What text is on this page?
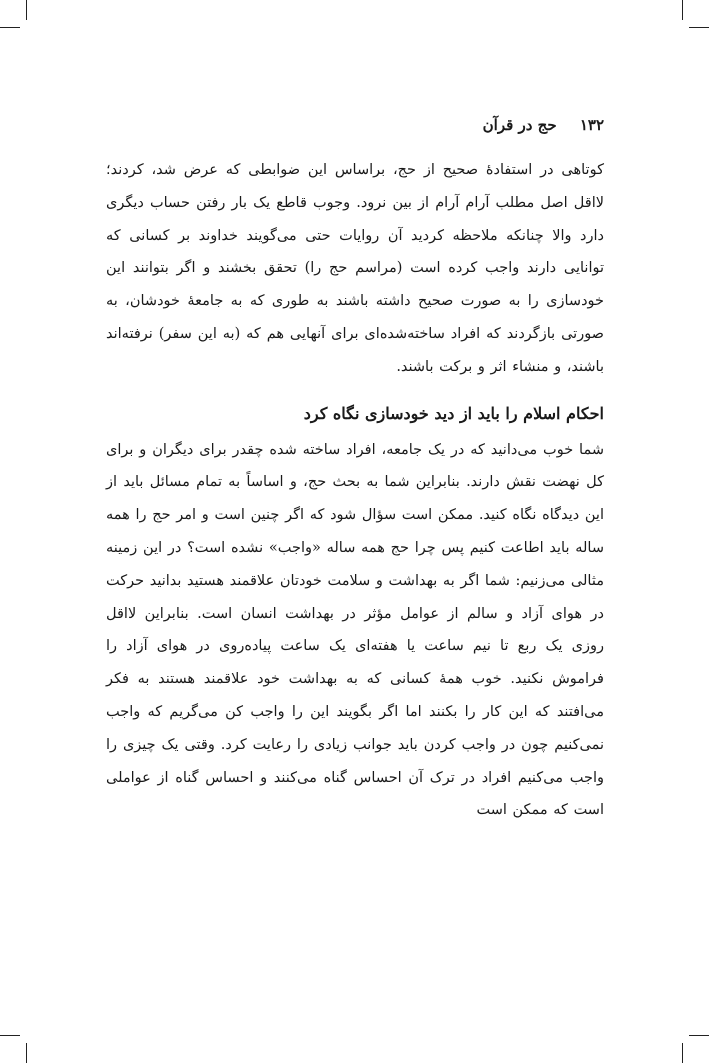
۱۳۲ حج در قرآن

کوتاهی در استفادۀ صحیح از حج، براساس این ضوابطی که عرض شد، کردند؛ لااقل اصل مطلب آرام آرام از بین نرود. وجوب قاطع یک بار رفتن حساب دیگری دارد والا چنانکه ملاحظه کردید آن روایات حتی می‌گویند خداوند بر کسانی که توانایی دارند واجب کرده است (مراسم حج را) تحقق بخشند و اگر بتوانند این خودسازی را به صورت صحیح داشته باشند به طوری که به جامعۀ خودشان، به صورتی بازگردند که افراد ساخته‌شده‌ای برای آنهایی هم که (به این سفر) نرفته‌اند باشند، و منشاء اثر و برکت باشند.

احکام اسلام را باید از دید خودسازی نگاه کرد

شما خوب می‌دانید که در یک جامعه، افراد ساخته شده چقدر برای دیگران و برای کل نهضت نقش دارند. بنابراین شما به بحث حج، و اساساً به تمام مسائل باید از این دیدگاه نگاه کنید. ممکن است سؤال شود که اگر چنین است و امر حج را همه ساله باید اطاعت کنیم پس چرا حج همه ساله «واجب» نشده است؟ در این زمینه مثالی می‌زنیم: شما اگر به بهداشت و سلامت خودتان علاقمند هستید بدانید حرکت در هوای آزاد و سالم از عوامل مؤثر در بهداشت انسان است. بنابراین لااقل روزی یک ربع تا نیم ساعت یا هفته‌ای یک ساعت پیاده‌روی در هوای آزاد را فراموش نکنید. خوب همۀ کسانی که به بهداشت خود علاقمند هستند به فکر می‌افتند که این کار را بکنند اما اگر بگویند این را واجب کن می‌گریم که واجب نمی‌کنیم چون در واجب کردن باید جوانب زیادی را رعایت کرد. وقتی یک چیزی را واجب می‌کنیم افراد در ترک آن احساس گناه می‌کنند و احساس گناه از عواملی است که ممکن است
